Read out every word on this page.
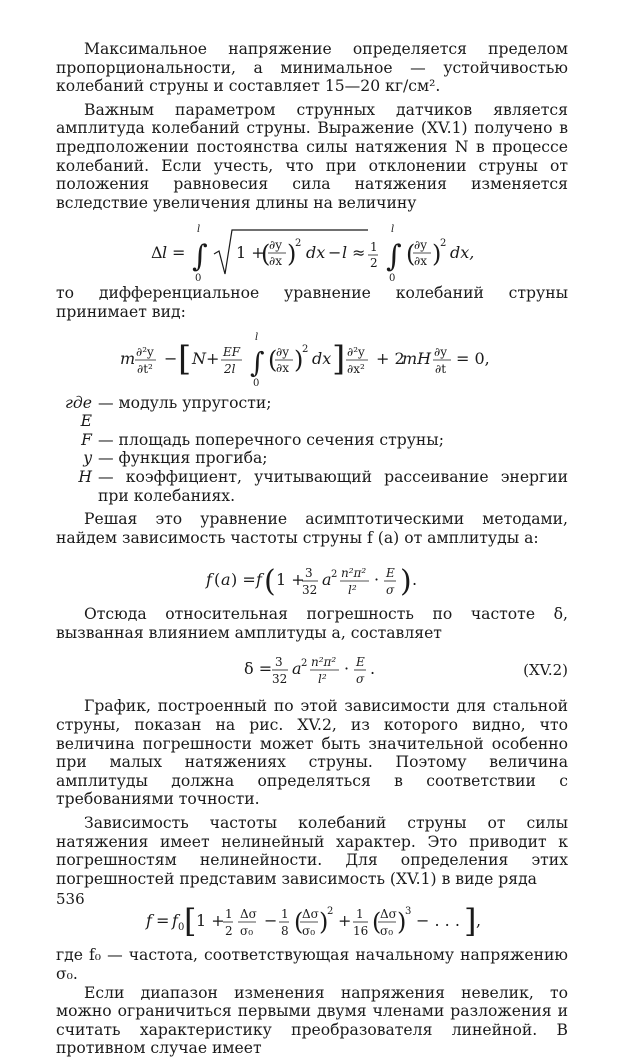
Максимальное напряжение определяется пределом пропорциональности, а минимальное — устойчивостью колебаний струны и составляет 15—20 кг/см².

Важным параметром струнных датчиков является амплитуда колебаний струны. Выражение (XV.1) получено в предположении постоянства силы натяжения N в процессе колебаний. Если учесть, что при отклонении струны от положения равновесия сила натяжения изменяется вследствие увеличения длины на величину

Δ l = ∫
l
0
1 +
(
∂y
∂x )
2 dx − l ≈ 1
2 ∫
l
0
(
∂y
∂x )
2 dx,

то дифференциальное уравнение колебаний струны принимает вид:

m ∂²y
∂t²
− [ N + EF
2l ∫
l
0
(
∂y
∂x )
2 dx ] ∂²y
∂x²
+ 2
mH ∂y
∂t
= 0,
где E
— модуль упругости;
F — площадь поперечного сечения струны;
y — функция прогиба;
H — коэффициент, учитывающий рассеивание энергии при колебаниях.

Решая это уравнение асимптотическими методами, найдем зависимость частоты струны f (a) от амплитуды a:

f ( a ) = f ( 1 + 3
32
a 2 n²π²
l²
· E
σ ) .

Отсюда относительная погрешность по частоте δ, вызванная влиянием амплитуды a, составляет

δ = 3
32
a 2 n²π²
l²
· E
σ
.	(XV.2)

График, построенный по этой зависимости для стальной струны, показан на рис. XV.2, из которого видно, что величина погрешности может быть значительной особенно при малых натяжениях струны. Поэтому величина амплитуды должна определяться в соответствии с требованиями точности.

Зависимость частоты колебаний струны от силы натяжения имеет нелинейный характер. Это приводит к погрешностям нелинейности. Для определения этих погрешностей представим зависимость (XV.1) в виде ряда

f = f 0 [ 1 + 1
2
Δσ
σ₀
− 1
8 (
Δσ
σ₀ )
2 + 1
16 (
Δσ
σ₀ )
3 − . . . ] ,

где f₀ — частота, соответствующая начальному напряжению σ₀.

Если диапазон изменения напряжения невелик, то можно ограничиться первыми двумя членами разложения и считать характеристику преобразователя линейной. В противном случае имеет

536
